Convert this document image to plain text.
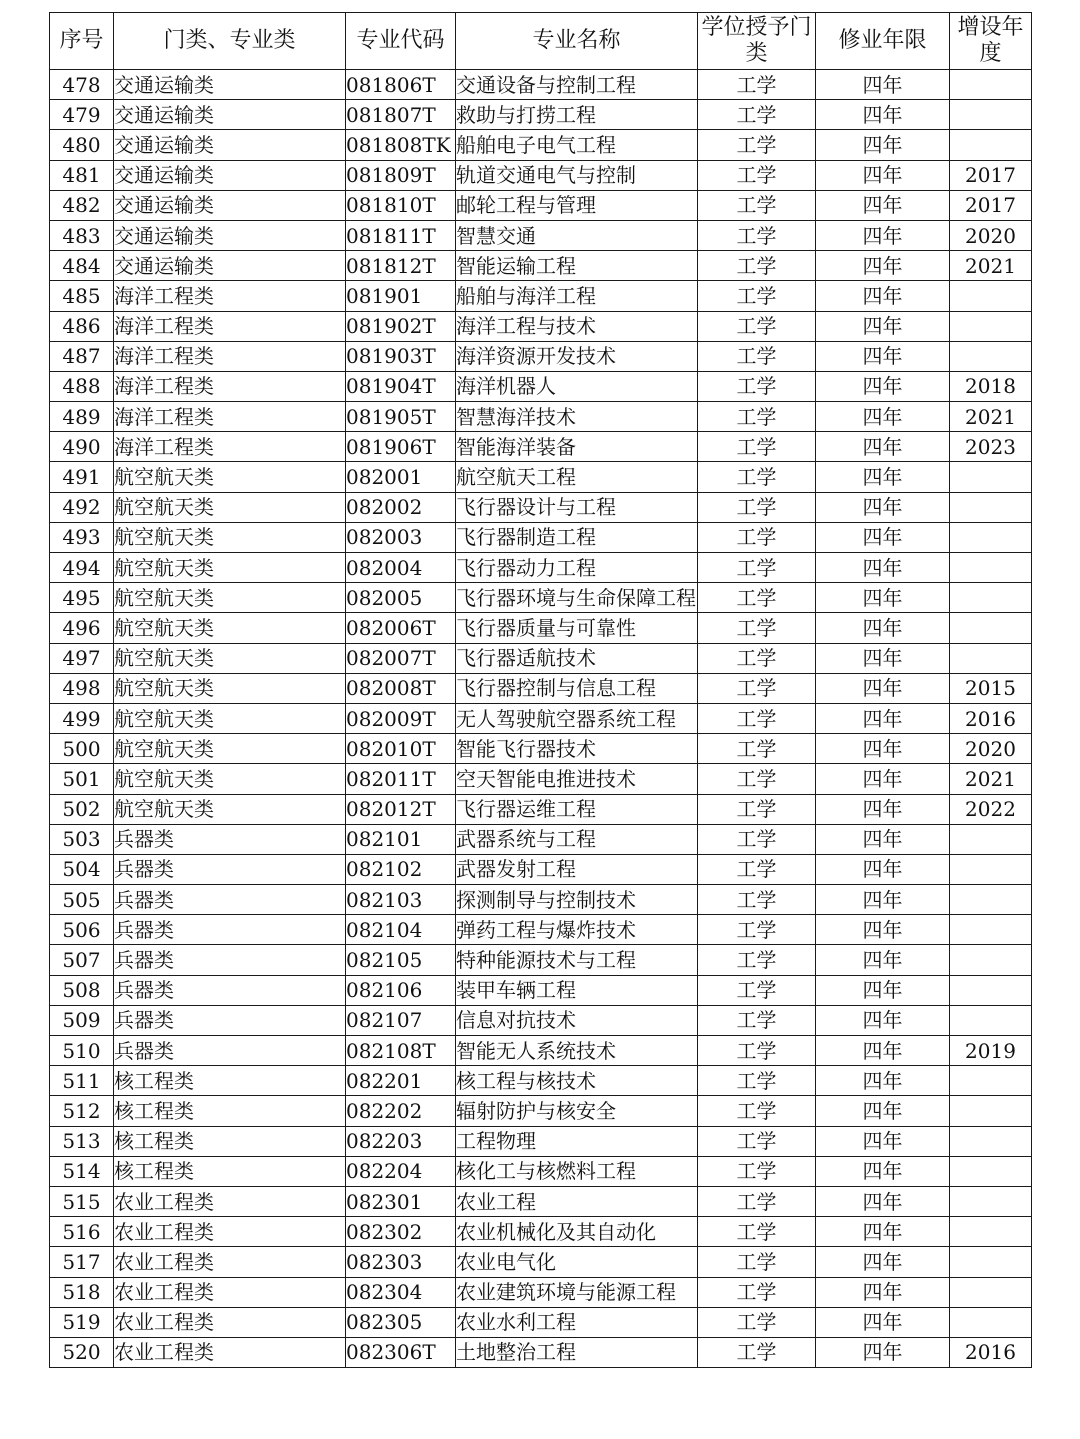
序号	门类、专业类	专业代码	专业名称	学位授予门类	修业年限	增设年度
478	交通运输类	081806T	交通设备与控制工程	工学	四年	
479	交通运输类	081807T	救助与打捞工程	工学	四年	
480	交通运输类	081808TK	船舶电子电气工程	工学	四年	
481	交通运输类	081809T	轨道交通电气与控制	工学	四年	2017
482	交通运输类	081810T	邮轮工程与管理	工学	四年	2017
483	交通运输类	081811T	智慧交通	工学	四年	2020
484	交通运输类	081812T	智能运输工程	工学	四年	2021
485	海洋工程类	081901	船舶与海洋工程	工学	四年	
486	海洋工程类	081902T	海洋工程与技术	工学	四年	
487	海洋工程类	081903T	海洋资源开发技术	工学	四年	
488	海洋工程类	081904T	海洋机器人	工学	四年	2018
489	海洋工程类	081905T	智慧海洋技术	工学	四年	2021
490	海洋工程类	081906T	智能海洋装备	工学	四年	2023
491	航空航天类	082001	航空航天工程	工学	四年	
492	航空航天类	082002	飞行器设计与工程	工学	四年	
493	航空航天类	082003	飞行器制造工程	工学	四年	
494	航空航天类	082004	飞行器动力工程	工学	四年	
495	航空航天类	082005	飞行器环境与生命保障工程	工学	四年	
496	航空航天类	082006T	飞行器质量与可靠性	工学	四年	
497	航空航天类	082007T	飞行器适航技术	工学	四年	
498	航空航天类	082008T	飞行器控制与信息工程	工学	四年	2015
499	航空航天类	082009T	无人驾驶航空器系统工程	工学	四年	2016
500	航空航天类	082010T	智能飞行器技术	工学	四年	2020
501	航空航天类	082011T	空天智能电推进技术	工学	四年	2021
502	航空航天类	082012T	飞行器运维工程	工学	四年	2022
503	兵器类	082101	武器系统与工程	工学	四年	
504	兵器类	082102	武器发射工程	工学	四年	
505	兵器类	082103	探测制导与控制技术	工学	四年	
506	兵器类	082104	弹药工程与爆炸技术	工学	四年	
507	兵器类	082105	特种能源技术与工程	工学	四年	
508	兵器类	082106	装甲车辆工程	工学	四年	
509	兵器类	082107	信息对抗技术	工学	四年	
510	兵器类	082108T	智能无人系统技术	工学	四年	2019
511	核工程类	082201	核工程与核技术	工学	四年	
512	核工程类	082202	辐射防护与核安全	工学	四年	
513	核工程类	082203	工程物理	工学	四年	
514	核工程类	082204	核化工与核燃料工程	工学	四年	
515	农业工程类	082301	农业工程	工学	四年	
516	农业工程类	082302	农业机械化及其自动化	工学	四年	
517	农业工程类	082303	农业电气化	工学	四年	
518	农业工程类	082304	农业建筑环境与能源工程	工学	四年	
519	农业工程类	082305	农业水利工程	工学	四年	
520	农业工程类	082306T	土地整治工程	工学	四年	2016
